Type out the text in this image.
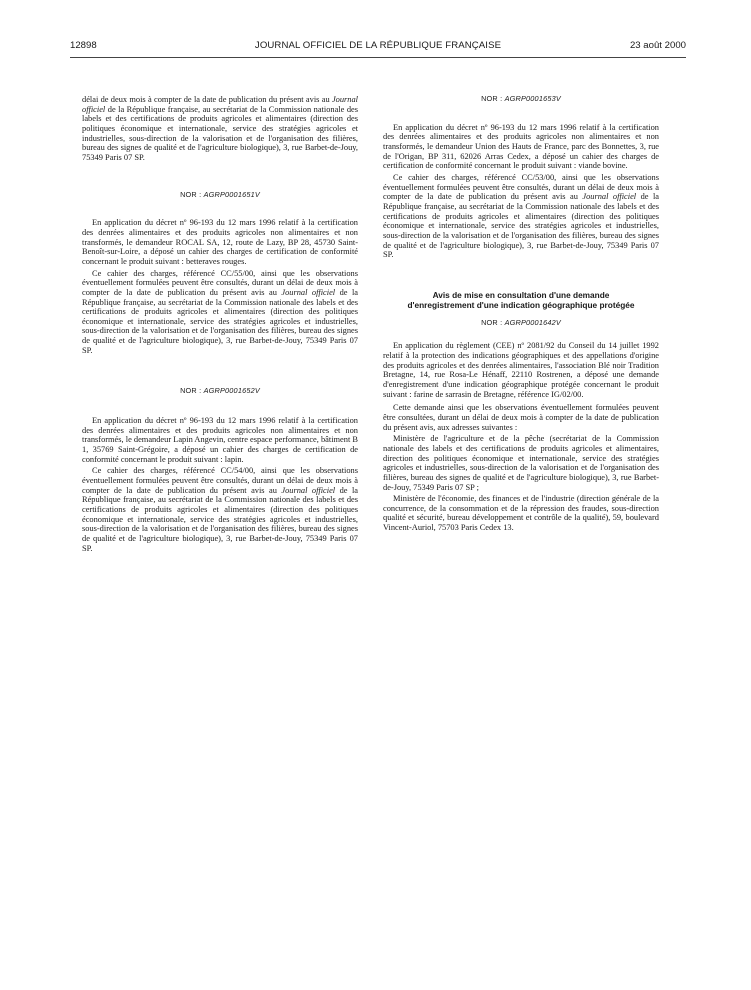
12898	JOURNAL OFFICIEL DE LA RÉPUBLIQUE FRANÇAISE	23 août 2000

délai de deux mois à compter de la date de publication du présent avis au Journal officiel de la République française, au secrétariat de la Commission nationale des labels et des certifications de produits agricoles et alimentaires (direction des politiques économique et internationale, service des stratégies agricoles et industrielles, sous-direction de la valorisation et de l'organisation des filières, bureau des signes de qualité et de l'agriculture biologique), 3, rue Barbet-de-Jouy, 75349 Paris 07 SP.

NOR : AGRP0001651V

En application du décret nº 96-193 du 12 mars 1996 relatif à la certification des denrées alimentaires et des produits agricoles non alimentaires et non transformés, le demandeur ROCAL SA, 12, route de Lazy, BP 28, 45730 Saint-Benoît-sur-Loire, a déposé un cahier des charges de certification de conformité concernant le produit suivant : betteraves rouges.

Ce cahier des charges, référencé CC/55/00, ainsi que les observations éventuellement formulées peuvent être consultés, durant un délai de deux mois à compter de la date de publication du présent avis au Journal officiel de la République française, au secrétariat de la Commission nationale des labels et des certifications de produits agricoles et alimentaires (direction des politiques économique et internationale, service des stratégies agricoles et industrielles, sous-direction de la valorisation et de l'organisation des filières, bureau des signes de qualité et de l'agriculture biologique), 3, rue Barbet-de-Jouy, 75349 Paris 07 SP.

NOR : AGRP0001652V

En application du décret nº 96-193 du 12 mars 1996 relatif à la certification des denrées alimentaires et des produits agricoles non alimentaires et non transformés, le demandeur Lapin Angevin, centre espace performance, bâtiment B 1, 35769 Saint-Grégoire, a déposé un cahier des charges de certification de conformité concernant le produit suivant : lapin.

Ce cahier des charges, référencé CC/54/00, ainsi que les observations éventuellement formulées peuvent être consultés, durant un délai de deux mois à compter de la date de publication du présent avis au Journal officiel de la République française, au secrétariat de la Commission nationale des labels et des certifications de produits agricoles et alimentaires (direction des politiques économique et internationale, service des stratégies agricoles et industrielles, sous-direction de la valorisation et de l'organisation des filières, bureau des signes de qualité et de l'agriculture biologique), 3, rue Barbet-de-Jouy, 75349 Paris 07 SP.

NOR : AGRP0001653V

En application du décret nº 96-193 du 12 mars 1996 relatif à la certification des denrées alimentaires et des produits agricoles non alimentaires et non transformés, le demandeur Union des Hauts de France, parc des Bonnettes, 3, rue de l'Origan, BP 311, 62026 Arras Cedex, a déposé un cahier des charges de certification de conformité concernant le produit suivant : viande bovine.

Ce cahier des charges, référencé CC/53/00, ainsi que les observations éventuellement formulées peuvent être consultés, durant un délai de deux mois à compter de la date de publication du présent avis au Journal officiel de la République française, au secrétariat de la Commission nationale des labels et des certifications de produits agricoles et alimentaires (direction des politiques économique et internationale, service des stratégies agricoles et industrielles, sous-direction de la valorisation et de l'organisation des filières, bureau des signes de qualité et de l'agriculture biologique), 3, rue Barbet-de-Jouy, 75349 Paris 07 SP.

Avis de mise en consultation d'une demande

d'enregistrement d'une indication géographique protégée

NOR : AGRP0001642V

En application du règlement (CEE) nº 2081/92 du Conseil du 14 juillet 1992 relatif à la protection des indications géographiques et des appellations d'origine des produits agricoles et des denrées alimentaires, l'association Blé noir Tradition Bretagne, 14, rue Rosa-Le Hénaff, 22110 Rostrenen, a déposé une demande d'enregistrement d'une indication géographique protégée concernant le produit suivant : farine de sarrasin de Bretagne, référence IG/02/00.

Cette demande ainsi que les observations éventuellement formulées peuvent être consultées, durant un délai de deux mois à compter de la date de publication du présent avis, aux adresses suivantes :

Ministère de l'agriculture et de la pêche (secrétariat de la Commission nationale des labels et des certifications de produits agricoles et alimentaires, direction des politiques économique et internationale, service des stratégies agricoles et industrielles, sous-direction de la valorisation et de l'organisation des filières, bureau des signes de qualité et de l'agriculture biologique), 3, rue Barbet-de-Jouy, 75349 Paris 07 SP ;

Ministère de l'économie, des finances et de l'industrie (direction générale de la concurrence, de la consommation et de la répression des fraudes, sous-direction qualité et sécurité, bureau développement et contrôle de la qualité), 59, boulevard Vincent-Auriol, 75703 Paris Cedex 13.
